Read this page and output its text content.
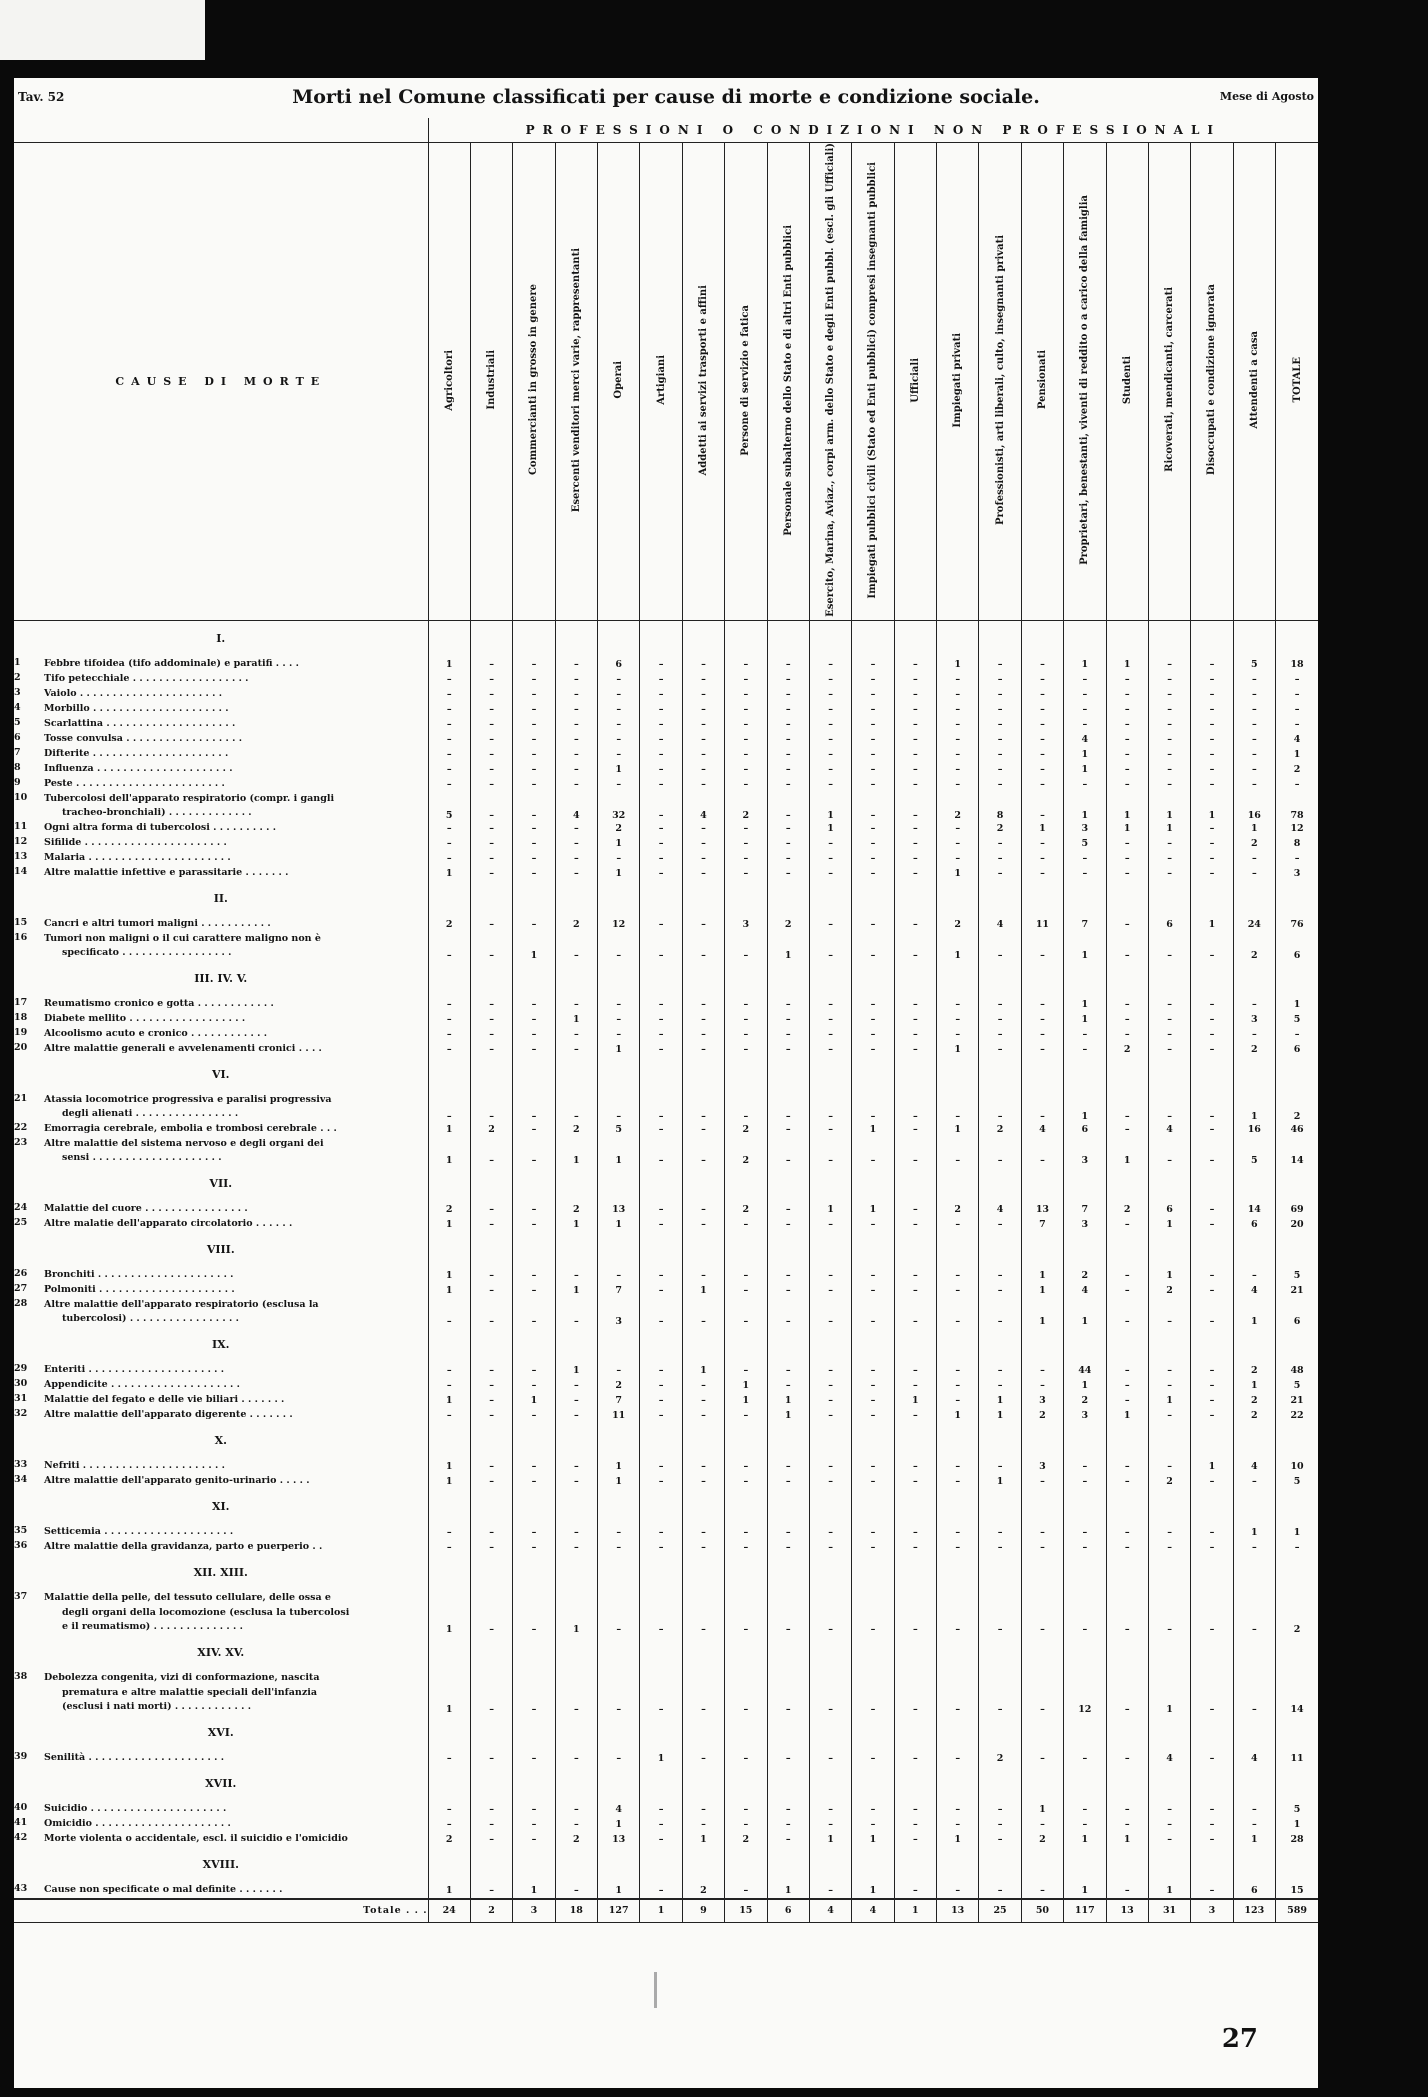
Tav. 52	Morti nel Comune classificati per cause di morte e condizione sociale.	Mese di Agosto
	PROFESSIONI O CONDIZIONI NON PROFESSIONALI																				
CAUSE DI MORTE	Agricoltori	Industriali	Commercianti in grosso in genere	Esercenti venditori merci varie, rappresentanti	Operai	Artigiani	Addetti ai servizi trasporti e affini	Persone di servizio e fatica	Personale subalterno dello Stato e di altri Enti pubblici	Esercito, Marina, Aviaz., corpi arm. dello Stato e degli Enti pubbl. (escl. gli Ufficiali)	Impiegati pubblici civili (Stato ed Enti pubblici) compresi insegnanti pubblici	Ufficiali	Impiegati privati	Professionisti, arti liberali, culto, insegnanti privati	Pensionati	Proprietari, benestanti, viventi di reddito o a carico della famiglia	Studenti	Ricoverati, mendicanti, carcerati	Disoccupati e condizione ignorata	Attendenti a casa	TOTALE

I.																					

1 Febbre tifoidea (tifo addominale) e paratifi . . . .	1	–	–	–	6	–	–	–	–	–	–	–	1	–	–	1	1	–	–	5	18

2 Tifo petecchiale . . . . . . . . . . . . . . . . . .	–	–	–	–	–	–	–	–	–	–	–	–	–	–	–	–	–	–	–	–	–

3 Vaiolo . . . . . . . . . . . . . . . . . . . . . .	–	–	–	–	–	–	–	–	–	–	–	–	–	–	–	–	–	–	–	–	–

4 Morbillo . . . . . . . . . . . . . . . . . . . . .	–	–	–	–	–	–	–	–	–	–	–	–	–	–	–	–	–	–	–	–	–

5 Scarlattina . . . . . . . . . . . . . . . . . . . .	–	–	–	–	–	–	–	–	–	–	–	–	–	–	–	–	–	–	–	–	–

6 Tosse convulsa . . . . . . . . . . . . . . . . . .	–	–	–	–	–	–	–	–	–	–	–	–	–	–	–	4	–	–	–	–	4

7 Difterite . . . . . . . . . . . . . . . . . . . . .	–	–	–	–	–	–	–	–	–	–	–	–	–	–	–	1	–	–	–	–	1

8 Influenza . . . . . . . . . . . . . . . . . . . . .	–	–	–	–	1	–	–	–	–	–	–	–	–	–	–	1	–	–	–	–	2

9 Peste . . . . . . . . . . . . . . . . . . . . . . .	–	–	–	–	–	–	–	–	–	–	–	–	–	–	–	–	–	–	–	–	–

10 Tubercolosi dell'apparato respiratorio (compr. i gangli
tracheo-bronchiali) . . . . . . . . . . . . .	5	–	–	4	32	–	4	2	–	1	–	–	2	8	–	1	1	1	1	16	78

11 Ogni altra forma di tubercolosi . . . . . . . . . .	–	–	–	–	2	–	–	–	–	1	–	–	–	2	1	3	1	1	–	1	12

12 Sifilide . . . . . . . . . . . . . . . . . . . . . .	–	–	–	–	1	–	–	–	–	–	–	–	–	–	–	5	–	–	–	2	8

13 Malaria . . . . . . . . . . . . . . . . . . . . . .	–	–	–	–	–	–	–	–	–	–	–	–	–	–	–	–	–	–	–	–	–

14 Altre malattie infettive e parassitarie . . . . . . .	1	–	–	–	1	–	–	–	–	–	–	–	1	–	–	–	–	–	–	–	3

II.																					

15 Cancri e altri tumori maligni . . . . . . . . . . .	2	–	–	2	12	–	–	3	2	–	–	–	2	4	11	7	–	6	1	24	76

16 Tumori non maligni o il cui carattere maligno non è
specificato . . . . . . . . . . . . . . . . .	–	–	1	–	–	–	–	–	1	–	–	–	1	–	–	1	–	–	–	2	6

III. IV. V.																					

17 Reumatismo cronico e gotta . . . . . . . . . . . .	–	–	–	–	–	–	–	–	–	–	–	–	–	–	–	1	–	–	–	–	1

18 Diabete mellito . . . . . . . . . . . . . . . . . .	–	–	–	1	–	–	–	–	–	–	–	–	–	–	–	1	–	–	–	3	5

19 Alcoolismo acuto e cronico . . . . . . . . . . . .	–	–	–	–	–	–	–	–	–	–	–	–	–	–	–	–	–	–	–	–	–

20 Altre malattie generali e avvelenamenti cronici . . . .	–	–	–	–	1	–	–	–	–	–	–	–	1	–	–	–	2	–	–	2	6

VI.																					

21 Atassia locomotrice progressiva e paralisi progressiva
degli alienati . . . . . . . . . . . . . . . .	–	–	–	–	–	–	–	–	–	–	–	–	–	–	–	1	–	–	–	1	2

22 Emorragia cerebrale, embolia e trombosi cerebrale . . .	1	2	–	2	5	–	–	2	–	–	1	–	1	2	4	6	–	4	–	16	46

23 Altre malattie del sistema nervoso e degli organi dei
sensi . . . . . . . . . . . . . . . . . . . .	1	–	–	1	1	–	–	2	–	–	–	–	–	–	–	3	1	–	–	5	14

VII.																					

24 Malattie del cuore . . . . . . . . . . . . . . . .	2	–	–	2	13	–	–	2	–	1	1	–	2	4	13	7	2	6	–	14	69

25 Altre malatie dell'apparato circolatorio . . . . . .	1	–	–	1	1	–	–	–	–	–	–	–	–	–	7	3	–	1	–	6	20

VIII.																					

26 Bronchiti . . . . . . . . . . . . . . . . . . . . .	1	–	–	–	–	–	–	–	–	–	–	–	–	–	1	2	–	1	–	–	5

27 Polmoniti . . . . . . . . . . . . . . . . . . . . .	1	–	–	1	7	–	1	–	–	–	–	–	–	–	1	4	–	2	–	4	21

28 Altre malattie dell'apparato respiratorio (esclusa la
tubercolosi) . . . . . . . . . . . . . . . . .	–	–	–	–	3	–	–	–	–	–	–	–	–	–	1	1	–	–	–	1	6

IX.																					

29 Enteriti . . . . . . . . . . . . . . . . . . . . .	–	–	–	1	–	–	1	–	–	–	–	–	–	–	–	44	–	–	–	2	48

30 Appendicite . . . . . . . . . . . . . . . . . . . .	–	–	–	–	2	–	–	1	–	–	–	–	–	–	–	1	–	–	–	1	5

31 Malattie del fegato e delle vie biliari . . . . . . .	1	–	1	–	7	–	–	1	1	–	–	1	–	1	3	2	–	1	–	2	21

32 Altre malattie dell'apparato digerente . . . . . . .	–	–	–	–	11	–	–	–	1	–	–	–	1	1	2	3	1	–	–	2	22

X.																					

33 Nefriti . . . . . . . . . . . . . . . . . . . . . .	1	–	–	–	1	–	–	–	–	–	–	–	–	–	3	–	–	–	1	4	10

34 Altre malattie dell'apparato genito-urinario . . . . .	1	–	–	–	1	–	–	–	–	–	–	–	–	1	–	–	–	2	–	–	5

XI.																					

35 Setticemia . . . . . . . . . . . . . . . . . . . .	–	–	–	–	–	–	–	–	–	–	–	–	–	–	–	–	–	–	–	1	1

36 Altre malattie della gravidanza, parto e puerperio . .	–	–	–	–	–	–	–	–	–	–	–	–	–	–	–	–	–	–	–	–	–

XII. XIII.																					

37 Malattie della pelle, del tessuto cellulare, delle ossa e
degli organi della locomozione (esclusa la tubercolosi
e il reumatismo) . . . . . . . . . . . . . .	1	–	–	1	–	–	–	–	–	–	–	–	–	–	–	–	–	–	–	–	2

XIV. XV.																					

38 Debolezza congenita, vizi di conformazione, nascita
prematura e altre malattie speciali dell'infanzia
(esclusi i nati morti) . . . . . . . . . . . .	1	–	–	–	–	–	–	–	–	–	–	–	–	–	–	12	–	1	–	–	14

XVI.																					

39 Senilità . . . . . . . . . . . . . . . . . . . . .	–	–	–	–	–	1	–	–	–	–	–	–	–	2	–	–	–	4	–	4	11

XVII.																					

40 Suicidio . . . . . . . . . . . . . . . . . . . . .	–	–	–	–	4	–	–	–	–	–	–	–	–	–	1	–	–	–	–	–	5

41 Omicidio . . . . . . . . . . . . . . . . . . . . .	–	–	–	–	1	–	–	–	–	–	–	–	–	–	–	–	–	–	–	–	1

42 Morte violenta o accidentale, escl. il suicidio e l'omicidio	2	–	–	2	13	–	1	2	–	1	1	–	1	–	2	1	1	–	–	1	28

XVIII.																					

43 Cause non specificate o mal definite . . . . . . .	1	–	1	–	1	–	2	–	1	–	1	–	–	–	–	1	–	1	–	6	15
Totale . . .	24	2	3	18	127	1	9	15	6	4	4	1	13	25	50	117	13	31	3	123	589
27
